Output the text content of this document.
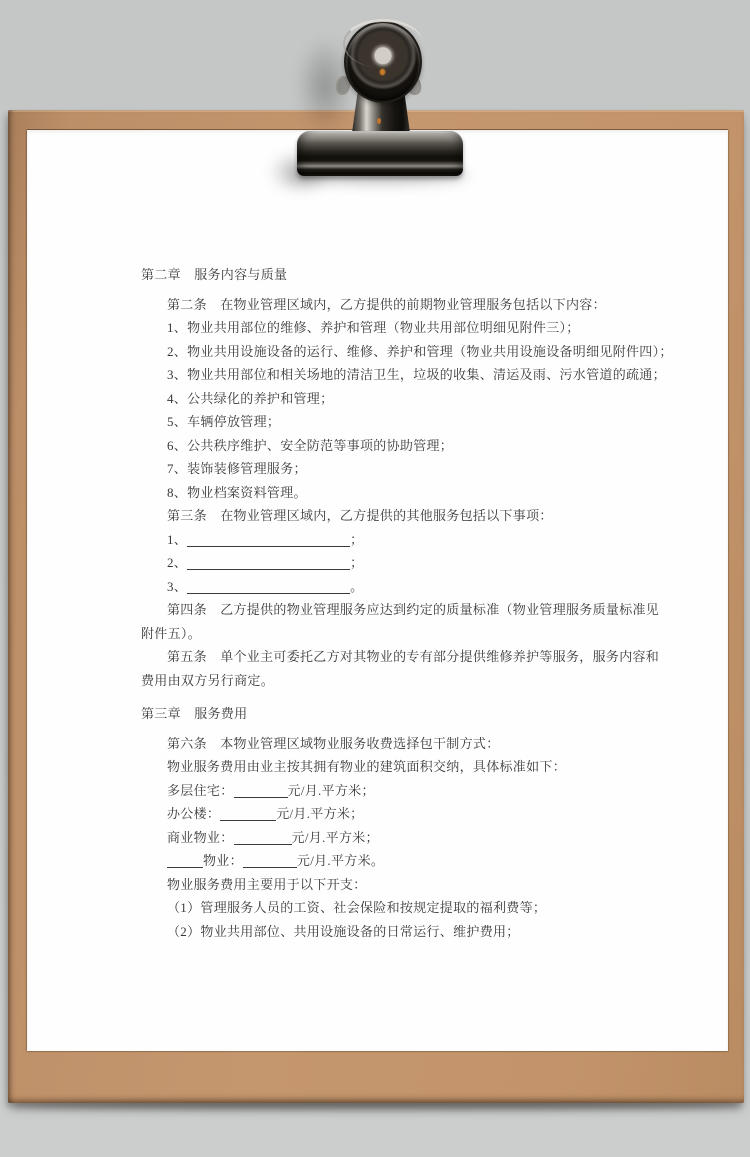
第二章　服务内容与质量
第二条　在物业管理区域内，乙方提供的前期物业管理服务包括以下内容：
1、物业共用部位的维修、养护和管理（物业共用部位明细见附件三）；
2、物业共用设施设备的运行、维修、养护和管理（物业共用设施设备明细见附件四）；
3、物业共用部位和相关场地的清洁卫生，垃圾的收集、清运及雨、污水管道的疏通；
4、公共绿化的养护和管理；
5、车辆停放管理；
6、公共秩序维护、安全防范等事项的协助管理；
7、装饰装修管理服务；
8、物业档案资料管理。
第三条　在物业管理区域内，乙方提供的其他服务包括以下事项：
1、	；
2、	；
3、	。
第四条　乙方提供的物业管理服务应达到约定的质量标准（物业管理服务质量标准见
附件五）。
第五条　单个业主可委托乙方对其物业的专有部分提供维修养护等服务，服务内容和
费用由双方另行商定。
第三章　服务费用
第六条　本物业管理区域物业服务收费选择包干制方式：
物业服务费用由业主按其拥有物业的建筑面积交纳，具体标准如下：
多层住宅：	元/月.平方米；
办公楼：	元/月.平方米；
商业物业：	元/月.平方米；
物业：	元/月.平方米。
物业服务费用主要用于以下开支：
（1）管理服务人员的工资、社会保险和按规定提取的福利费等；
（2）物业共用部位、共用设施设备的日常运行、维护费用；
